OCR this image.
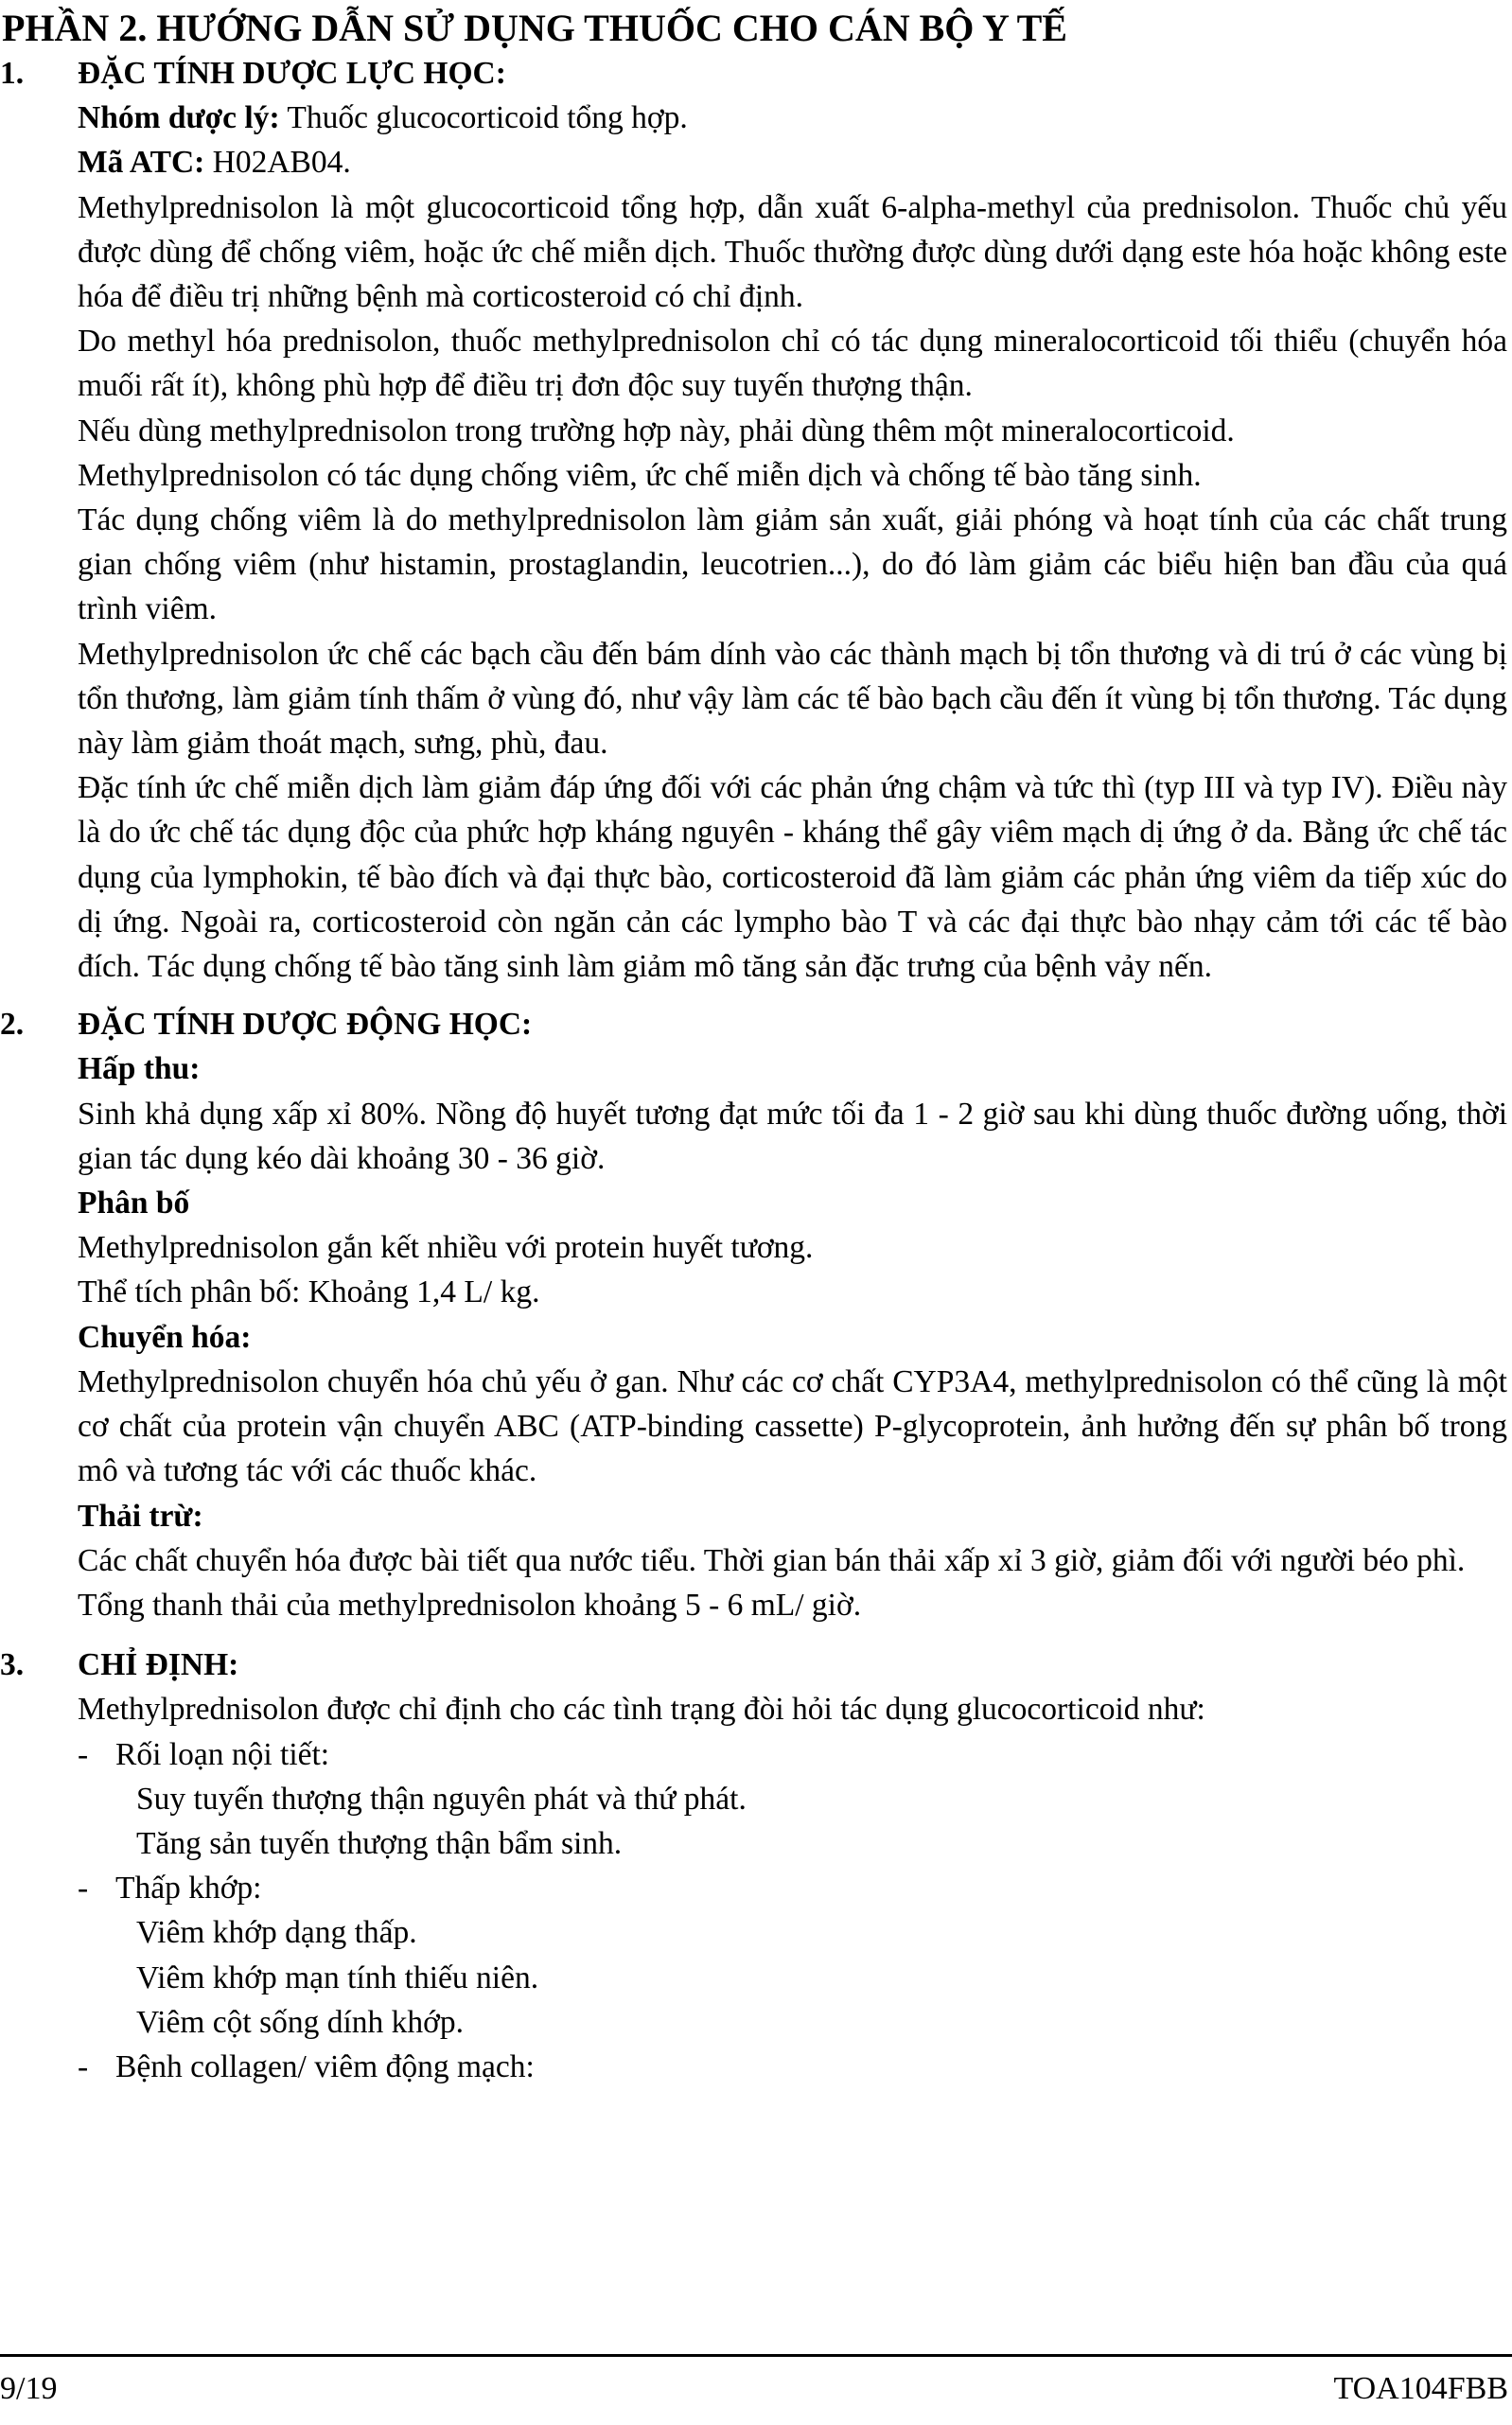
PHẦN 2. HƯỚNG DẪN SỬ DỤNG THUỐC CHO CÁN BỘ Y TẾ

1. ĐẶC TÍNH DƯỢC LỰC HỌC:

Nhóm dược lý: Thuốc glucocorticoid tổng hợp.

Mã ATC: H02AB04.

Methylprednisolon là một glucocorticoid tổng hợp, dẫn xuất 6-alpha-methyl của prednisolon. Thuốc chủ yếu được dùng để chống viêm, hoặc ức chế miễn dịch. Thuốc thường được dùng dưới dạng este hóa hoặc không este hóa để điều trị những bệnh mà corticosteroid có chỉ định.

Do methyl hóa prednisolon, thuốc methylprednisolon chỉ có tác dụng mineralocorticoid tối thiểu (chuyển hóa muối rất ít), không phù hợp để điều trị đơn độc suy tuyến thượng thận.

Nếu dùng methylprednisolon trong trường hợp này, phải dùng thêm một mineralocorticoid.

Methylprednisolon có tác dụng chống viêm, ức chế miễn dịch và chống tế bào tăng sinh.

Tác dụng chống viêm là do methylprednisolon làm giảm sản xuất, giải phóng và hoạt tính của các chất trung gian chống viêm (như histamin, prostaglandin, leucotrien...), do đó làm giảm các biểu hiện ban đầu của quá trình viêm.

Methylprednisolon ức chế các bạch cầu đến bám dính vào các thành mạch bị tổn thương và di trú ở các vùng bị tổn thương, làm giảm tính thấm ở vùng đó, như vậy làm các tế bào bạch cầu đến ít vùng bị tổn thương. Tác dụng này làm giảm thoát mạch, sưng, phù, đau.

Đặc tính ức chế miễn dịch làm giảm đáp ứng đối với các phản ứng chậm và tức thì (typ III và typ IV). Điều này là do ức chế tác dụng độc của phức hợp kháng nguyên - kháng thể gây viêm mạch dị ứng ở da. Bằng ức chế tác dụng của lymphokin, tế bào đích và đại thực bào, corticosteroid đã làm giảm các phản ứng viêm da tiếp xúc do dị ứng. Ngoài ra, corticosteroid còn ngăn cản các lympho bào T và các đại thực bào nhạy cảm tới các tế bào đích. Tác dụng chống tế bào tăng sinh làm giảm mô tăng sản đặc trưng của bệnh vảy nến.

2. ĐẶC TÍNH DƯỢC ĐỘNG HỌC:

Hấp thu:

Sinh khả dụng xấp xỉ 80%. Nồng độ huyết tương đạt mức tối đa 1 - 2 giờ sau khi dùng thuốc đường uống, thời gian tác dụng kéo dài khoảng 30 - 36 giờ.

Phân bố

Methylprednisolon gắn kết nhiều với protein huyết tương.

Thể tích phân bố: Khoảng 1,4 L/ kg.

Chuyển hóa:

Methylprednisolon chuyển hóa chủ yếu ở gan. Như các cơ chất CYP3A4, methylprednisolon có thể cũng là một cơ chất của protein vận chuyển ABC (ATP-binding cassette) P-glycoprotein, ảnh hưởng đến sự phân bố trong mô và tương tác với các thuốc khác.

Thải trừ:

Các chất chuyển hóa được bài tiết qua nước tiểu. Thời gian bán thải xấp xỉ 3 giờ, giảm đối với người béo phì.

Tổng thanh thải của methylprednisolon khoảng 5 - 6 mL/ giờ.

3. CHỈ ĐỊNH:

Methylprednisolon được chỉ định cho các tình trạng đòi hỏi tác dụng glucocorticoid như:

- Rối loạn nội tiết:

Suy tuyến thượng thận nguyên phát và thứ phát.

Tăng sản tuyến thượng thận bẩm sinh.

- Thấp khớp:

Viêm khớp dạng thấp.

Viêm khớp mạn tính thiếu niên.

Viêm cột sống dính khớp.

- Bệnh collagen/ viêm động mạch:

9/19	TOA104FBB
